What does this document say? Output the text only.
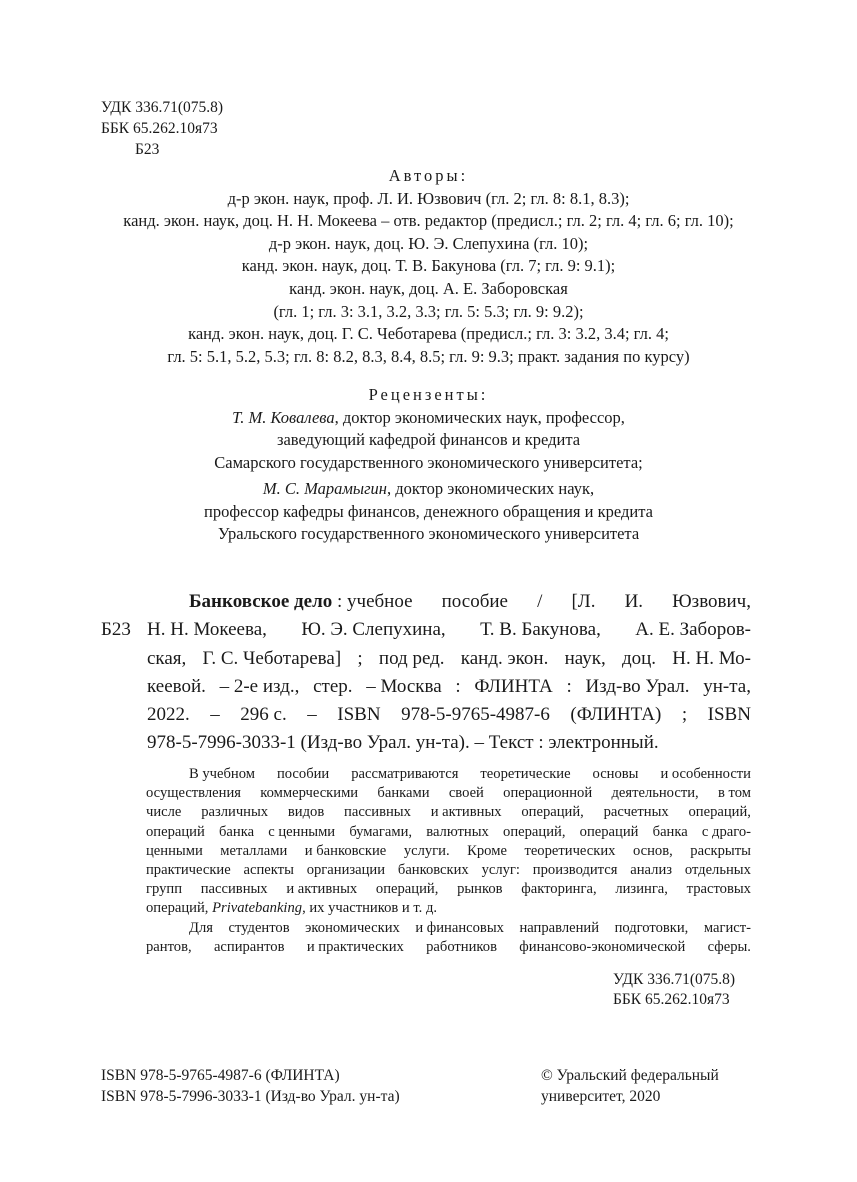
УДК 336.71(075.8)
ББК 65.262.10я73
Б23
Авторы:
д-р экон. наук, проф. Л. И. Юзвович (гл. 2; гл. 8: 8.1, 8.3);
канд. экон. наук, доц. Н. Н. Мокеева – отв. редактор (предисл.; гл. 2; гл. 4; гл. 6; гл. 10);
д-р экон. наук, доц. Ю. Э. Слепухина (гл. 10);
канд. экон. наук, доц. Т. В. Бакунова (гл. 7; гл. 9: 9.1);
канд. экон. наук, доц. А. Е. Заборовская
(гл. 1; гл. 3: 3.1, 3.2, 3.3; гл. 5: 5.3; гл. 9: 9.2);
канд. экон. наук, доц. Г. С. Чеботарева (предисл.; гл. 3: 3.2, 3.4; гл. 4;
гл. 5: 5.1, 5.2, 5.3; гл. 8: 8.2, 8.3, 8.4, 8.5; гл. 9: 9.3; практ. задания по курсу)
Рецензенты:
Т. М. Ковалева, доктор экономических наук, профессор,
заведующий кафедрой финансов и кредита
Самарского государственного экономического университета;
М. С. Марамыгин, доктор экономических наук,
профессор кафедры финансов, денежного обращения и кредита
Уральского государственного экономического университета
Б23
Банковское дело : учебное пособие / [Л. И. Юзвович,
Н. Н. Мокеева, Ю. Э. Слепухина, Т. В. Бакунова, А. Е. Заборов-
ская, Г. С. Чеботарева] ; под ред. канд. экон. наук, доц. Н. Н. Мо-
кеевой. – 2-е изд., стер. – Москва : ФЛИНТА : Изд-во Урал. ун-та,
2022. – 296 с. – ISBN 978-5-9765-4987-6 (ФЛИНТА) ; ISBN
978-5-7996-3033-1 (Изд-во Урал. ун-та). – Текст : электронный.
В учебном пособии рассматриваются теоретические основы и особенности
осуществления коммерческими банками своей операционной деятельности, в том
числе различных видов пассивных и активных операций, расчетных операций,
операций банка с ценными бумагами, валютных операций, операций банка с драго-
ценными металлами и банковские услуги. Кроме теоретических основ, раскрыты
практические аспекты организации банковских услуг: производится анализ отдельных
групп пассивных и активных операций, рынков факторинга, лизинга, трастовых
операций, Privatebanking, их участников и т. д.
Для студентов экономических и финансовых направлений подготовки, магист-
рантов, аспирантов и практических работников финансово-экономической сферы.
УДК 336.71(075.8)
ББК 65.262.10я73
ISBN 978-5-9765-4987-6 (ФЛИНТА)
ISBN 978-5-7996-3033-1 (Изд-во Урал. ун-та)
© Уральский федеральный
университет, 2020
